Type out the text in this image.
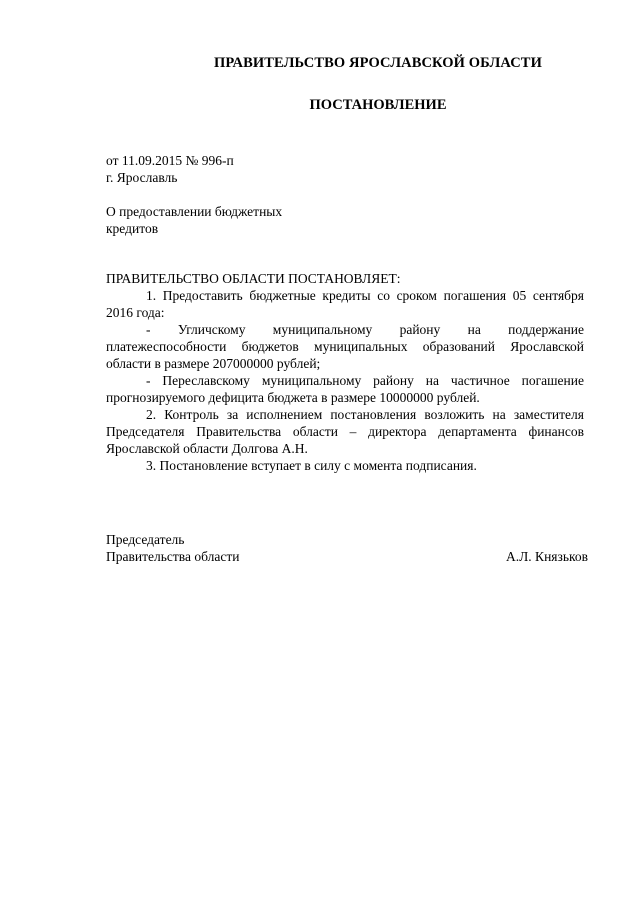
ПРАВИТЕЛЬСТВО ЯРОСЛАВСКОЙ ОБЛАСТИ
ПОСТАНОВЛЕНИЕ
от 11.09.2015 № 996-п
г. Ярославль
О предоставлении бюджетных
кредитов

ПРАВИТЕЛЬСТВО ОБЛАСТИ ПОСТАНОВЛЯЕТ:

1. Предоставить бюджетные кредиты со сроком погашения 05 сентября 2016 года:

- Угличскому муниципальному району на поддержание платежеспособности бюджетов муниципальных образований Ярославской области в размере 207000000 рублей;

- Переславскому муниципальному району на частичное погашение прогнозируемого дефицита бюджета в размере 10000000 рублей.

2. Контроль за исполнением постановления возложить на заместителя Председателя Правительства области – директора департамента финансов Ярославской области Долгова А.Н.

3. Постановление вступает в силу с момента подписания.

Председатель
Правительства области	А.Л. Князьков
